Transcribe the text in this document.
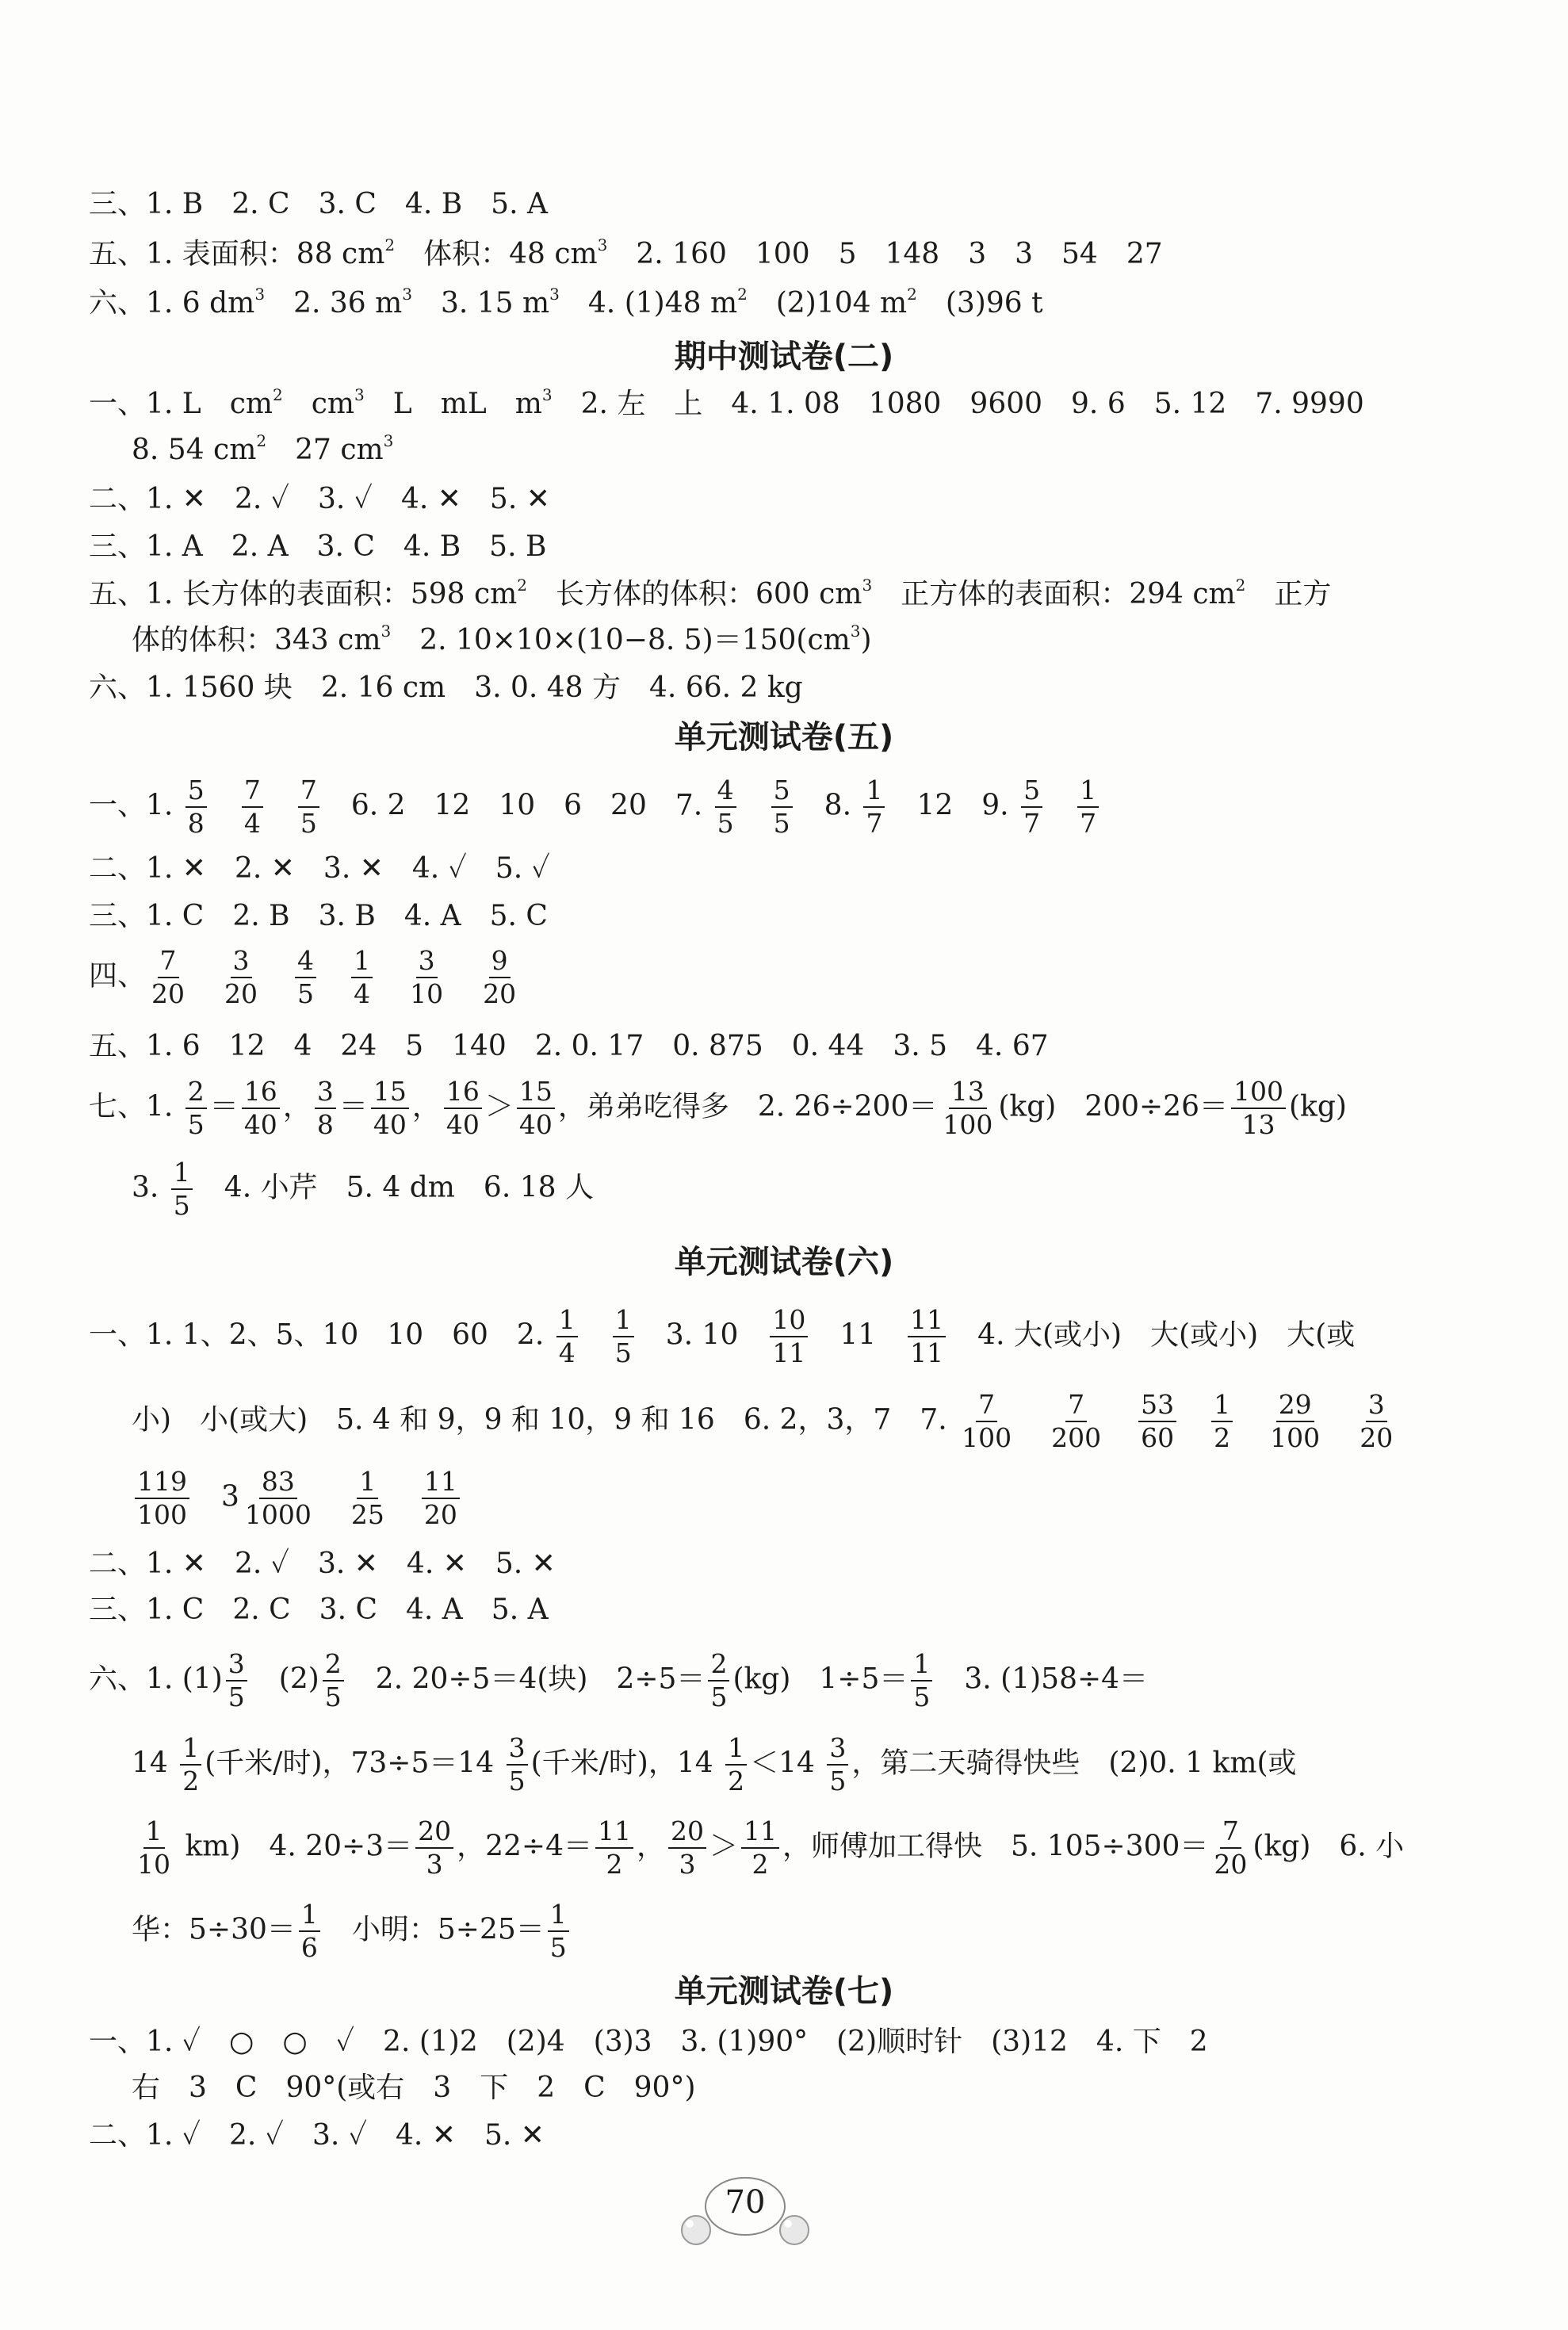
三、1. B　2. C　3. C　4. B　5. A
五、1. 表面积：88 $cm^2$　体积：48 $cm^3$　2. 160　100　5　148　3　3　54　27
六、1. 6 $dm^3$　2. 36 $m^3$　3. 15 $m^3$　4. (1)48 $m^2$　(2)104 $m^2$　(3)96 t
期中测试卷(二)
一、1. L　$cm^2$　$cm^3$　L　mL　$m^3$　2. 左　上　4. 1. 08　1080　9600　9. 6　5. 12　7. 9990
8. 54 $cm^2$　27 $cm^3$
二、1. ✕　2. ✓　3. ✓　4. ✕　5. ✕
三、1. A　2. A　3. C　4. B　5. B
五、1. 长方体的表面积：598 $cm^2$　长方体的体积：600 $cm^3$　正方体的表面积：294 $cm^2$　正方
体的体积：343 $cm^3$　2. 10×10×(10−8. $5)=150(cm^3)$
六、1. 1560 块　2. 16 cm　3. 0. 48 方　4. 66. 2 kg
单元测试卷(五)
一、1. $\frac{5}{8}$
　 $\frac{7}{4}$
　 $\frac{7}{5}$ 　6. 2　12　10　6　20　7. $\frac{4}{5}$
　 $\frac{5}{5}$ 　8. $\frac{1}{7}$ 　12　9. $\frac{5}{7}$
　 $\frac{1}{7}$
二、1. ✕　2. ✕　3. ✕　4. ✓　5. ✓
三、1. C　2. B　3. B　4. A　5. C
四、 $\frac{7}{20}$
　 $\frac{3}{20}$
　 $\frac{4}{5}$
　 $\frac{1}{4}$
　 $\frac{3}{10}$
　 $\frac{9}{20}$
五、1. 6　12　4　24　5　140　2. 0. 17　0. 875　0. 44　3. 5　4. 67
七、1. $\frac{2}{5} = \frac{16}{40}$ ， $\frac{3}{8} = \frac{15}{40}$ ， $\frac{16}{40} > \frac{15}{40}$ ，弟弟吃得多　2. $26\div 200= \frac{13}{100} (kg)$　$200\div 26= \frac{100}{13} (kg)$
3. $\frac{1}{5}$ 　4. 小芹　5. 4 dm　6. 18 人
单元测试卷(六)
一、1. 1、2、5、10　10　60　2. $\frac{1}{4}$
　 $\frac{1}{5}$ 　3. 10　 $\frac{10}{11}$ 　11　 $\frac{11}{11}$ 　4. 大(或小)　大(或小)　大(或
小)　小(或大)　5. 4 和 9，9 和 10，9 和 16　6. 2，3，7　7. $\frac{7}{100}$
　 $\frac{7}{200}$
　 $\frac{53}{60}$
　 $\frac{1}{2}$
　 $\frac{29}{100}$
　 $\frac{3}{20}$
$\frac{119}{100}$ 　$3 \frac{83}{1000}$
　 $\frac{1}{25}$
　 $\frac{11}{20}$
二、1. ✕　2. ✓　3. ✕　4. ✕　5. ✕
三、1. C　2. C　3. C　4. A　5. A
六、1. $(1) \frac{3}{5}$ 　$(2) \frac{2}{5}$ 　2. 20÷5＝4(块)　$2\div 5= \frac{2}{5} (kg)$　$1\div 5= \frac{1}{5}$ 　3. (1)58÷4＝
$14 \frac{1}{2}$ (千米/时)，$73\div 5=14 \frac{3}{5}$ (千米/时)，$14 \frac{1}{2} <14 \frac{3}{5}$ ，第二天骑得快些　(2)0. 1 km(或
$\frac{1}{10} km$)　4. $20\div 3= \frac{20}{3}$ ，$22\div 4= \frac{11}{2}$ ， $\frac{20}{3} > \frac{11}{2}$ ，师傅加工得快　5. $105\div 300= \frac{7}{20} (kg)$　6. 小
华：$5\div 30= \frac{1}{6}$ 　小明：$5\div 25= \frac{1}{5}$
单元测试卷(七)
一、1. ✓　○　○　✓　2. (1)2　(2)4　(3)3　3. (1)90°　(2)顺时针　(3)12　4. 下　2
右　3　C　90°(或右　3　下　2　C　90°)
二、1. ✓　2. ✓　3. ✓　4. ✕　5. ✕
70
